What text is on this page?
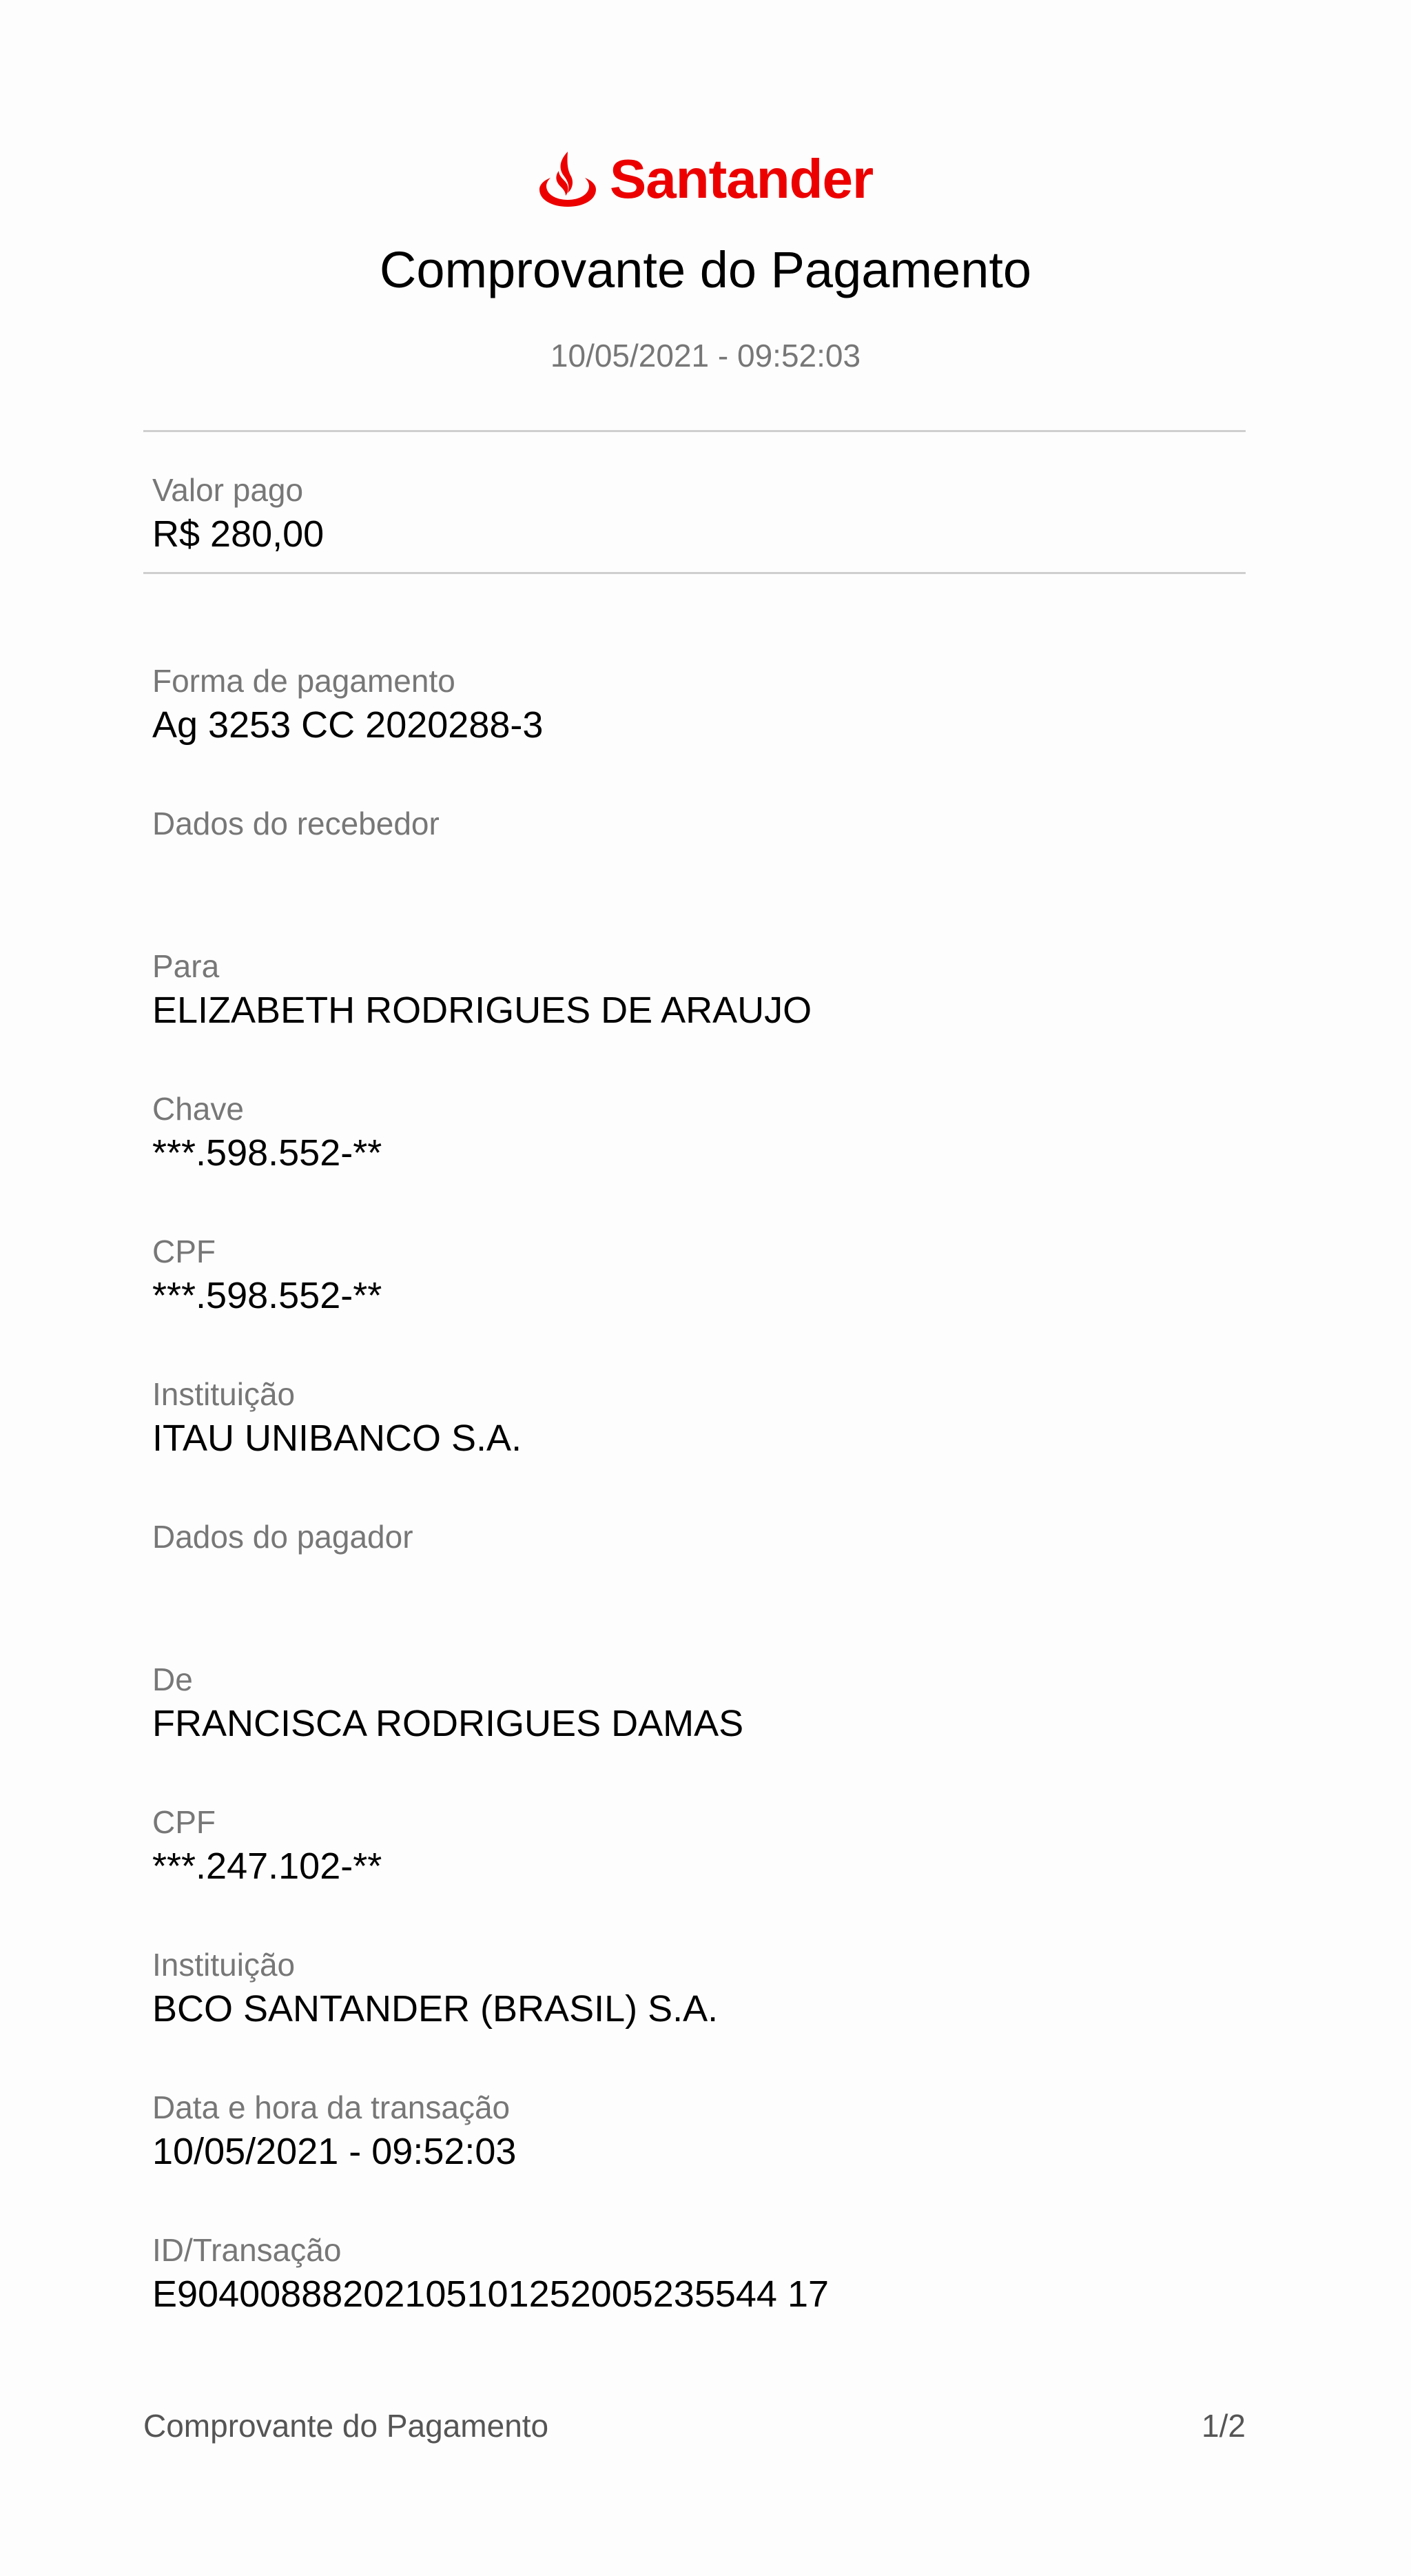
Santander
Comprovante do Pagamento
10/05/2021 - 09:52:03
Valor pago
R$ 280,00
Forma de pagamento
Ag 3253 CC 2020288-3
Dados do recebedor
Para
ELIZABETH RODRIGUES DE ARAUJO
Chave
***.598.552-**
CPF
***.598.552-**
Instituição
ITAU UNIBANCO S.A.
Dados do pagador
De
FRANCISCA RODRIGUES DAMAS
CPF
***.247.102-**
Instituição
BCO SANTANDER (BRASIL) S.A.
Data e hora da transação
10/05/2021 - 09:52:03
ID/Transação
E90400888202105101252005235544 17
Comprovante do Pagamento	1/2
